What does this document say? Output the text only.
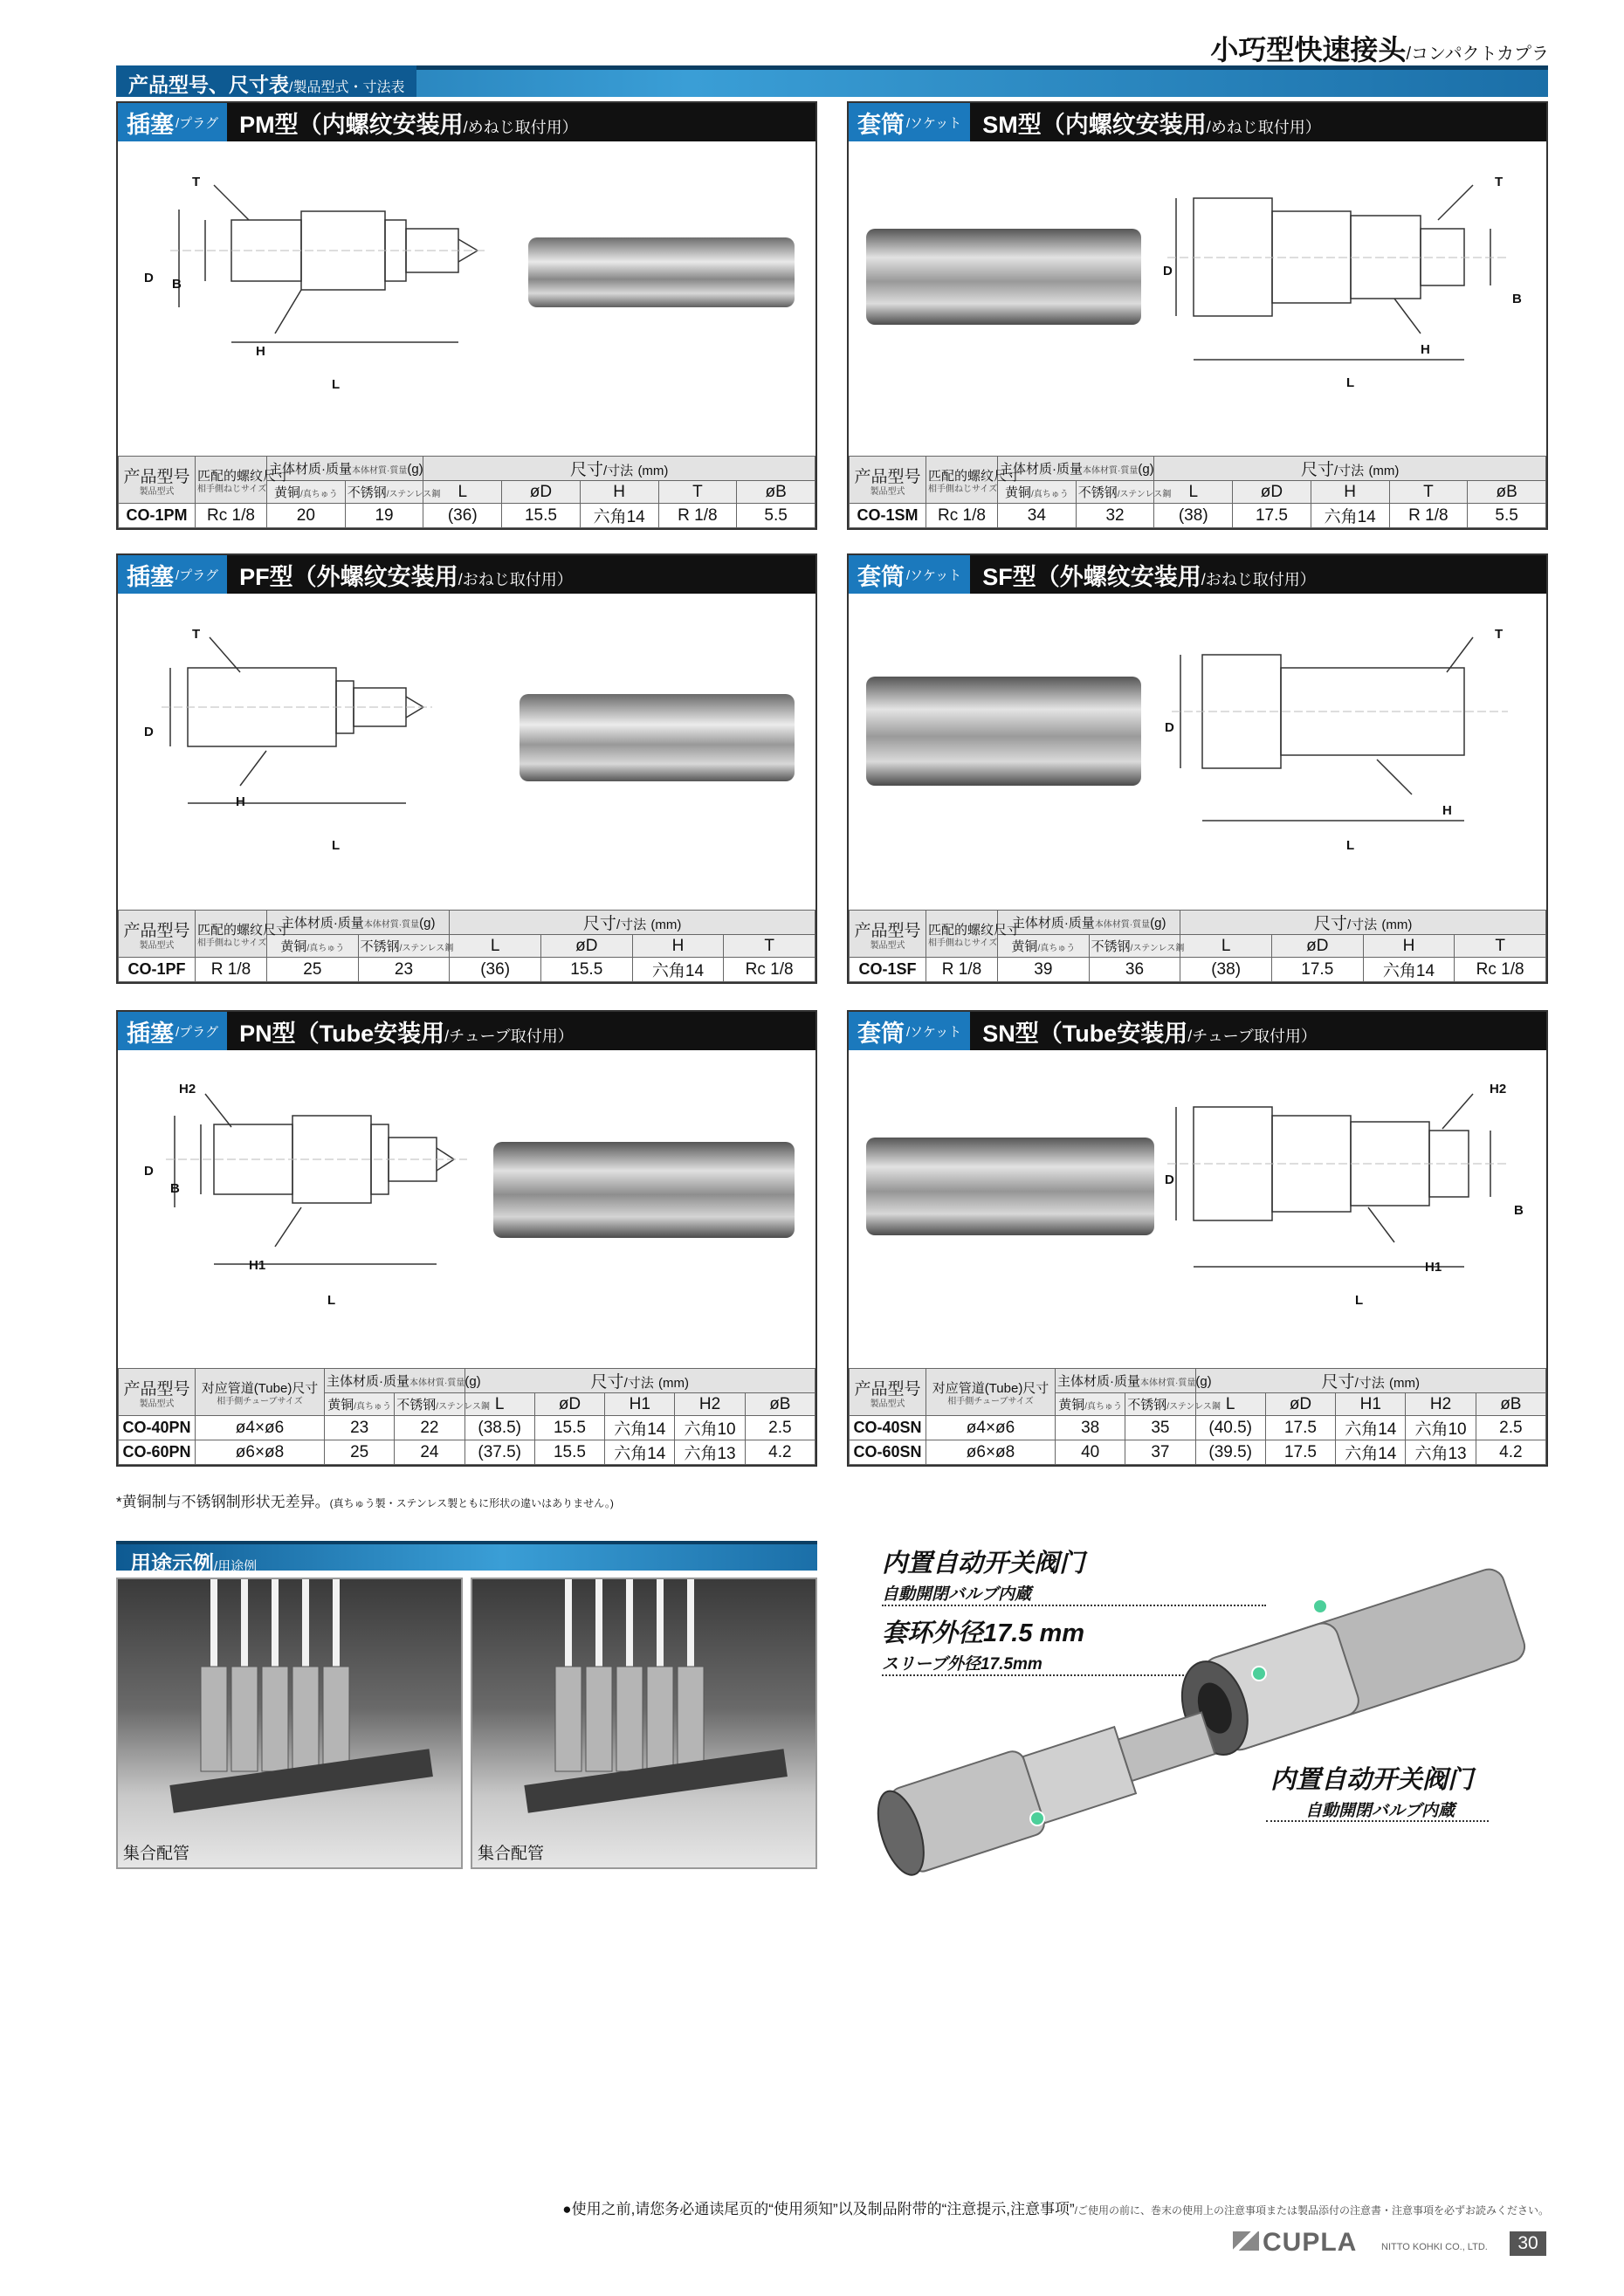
小巧型快速接头/コンパクトカプラ
产品型号、尺寸表/製品型式・寸法表
插塞 /プラグ PM型（内螺纹安装用/めねじ取付用）
T
D B
H
L
产品型号
製品型式	匹配的螺纹尺寸
相手側ねじサイズ	主体材质·质量本体材質·質量(g)		尺寸/寸法 (mm)				
		黄铜/真ちゅう	不锈钢/ステンレス鋼	L	øD	H	T	øB
CO-1PM	Rc 1/8	20	19	(36)	15.5	六角14	R 1/8	5.5
套筒 /ソケット SM型（内螺纹安装用/めねじ取付用）
T
D
B
H
L
产品型号
製品型式	匹配的螺纹尺寸
相手側ねじサイズ	主体材质·质量本体材質·質量(g)		尺寸/寸法 (mm)				
		黄铜/真ちゅう	不锈钢/ステンレス鋼	L	øD	H	T	øB
CO-1SM	Rc 1/8	34	32	(38)	17.5	六角14	R 1/8	5.5
插塞 /プラグ PF型（外螺纹安装用/おねじ取付用）
T
D
H
L
产品型号
製品型式	匹配的螺纹尺寸
相手側ねじサイズ	主体材质·质量本体材質·質量(g)		尺寸/寸法 (mm)			
		黄铜/真ちゅう	不锈钢/ステンレス鋼	L	øD	H	T
CO-1PF	R 1/8	25	23	(36)	15.5	六角14	Rc 1/8
套筒 /ソケット SF型（外螺纹安装用/おねじ取付用）
T
D
H
L
产品型号
製品型式	匹配的螺纹尺寸
相手側ねじサイズ	主体材质·质量本体材質·質量(g)		尺寸/寸法 (mm)			
		黄铜/真ちゅう	不锈钢/ステンレス鋼	L	øD	H	T
CO-1SF	R 1/8	39	36	(38)	17.5	六角14	Rc 1/8
插塞 /プラグ PN型（Tube安装用/チューブ取付用）
H2
D
B
H1
L
产品型号
製品型式	对应管道(Tube)尺寸
相手側チューブサイズ	主体材质·质量本体材質·質量(g)		尺寸/寸法 (mm)				
		黄铜/真ちゅう	不锈钢/ステンレス鋼	L	øD	H1	H2	øB
CO-40PN	ø4×ø6	23	22	(38.5)	15.5	六角14	六角10	2.5
CO-60PN	ø6×ø8	25	24	(37.5)	15.5	六角14	六角13	4.2
套筒 /ソケット SN型（Tube安装用/チューブ取付用）
H2
D
B
H1
L
产品型号
製品型式	对应管道(Tube)尺寸
相手側チューブサイズ	主体材质·质量本体材質·質量(g)		尺寸/寸法 (mm)				
		黄铜/真ちゅう	不锈钢/ステンレス鋼	L	øD	H1	H2	øB
CO-40SN	ø4×ø6	38	35	(40.5)	17.5	六角14	六角10	2.5
CO-60SN	ø6×ø8	40	37	(39.5)	17.5	六角14	六角13	4.2
*黄铜制与不锈钢制形状无差异。(真ちゅう製・ステンレス製ともに形状の違いはありません。)
用途示例/用途例
集合配管	集合配管
内置自动开关阀门
自動開閉バルブ内蔵
套环外径17.5 mm
スリーブ外径17.5mm
内置自动开关阀门
自動開閉バルブ内蔵
●使用之前,请您务必通读尾页的“使用须知”以及制品附带的“注意提示,注意事项”/ご使用の前に、巻末の使用上の注意事項または製品添付の注意書・注意事項を必ずお読みください。
CUPLA	NITTO KOHKI CO., LTD.	30
